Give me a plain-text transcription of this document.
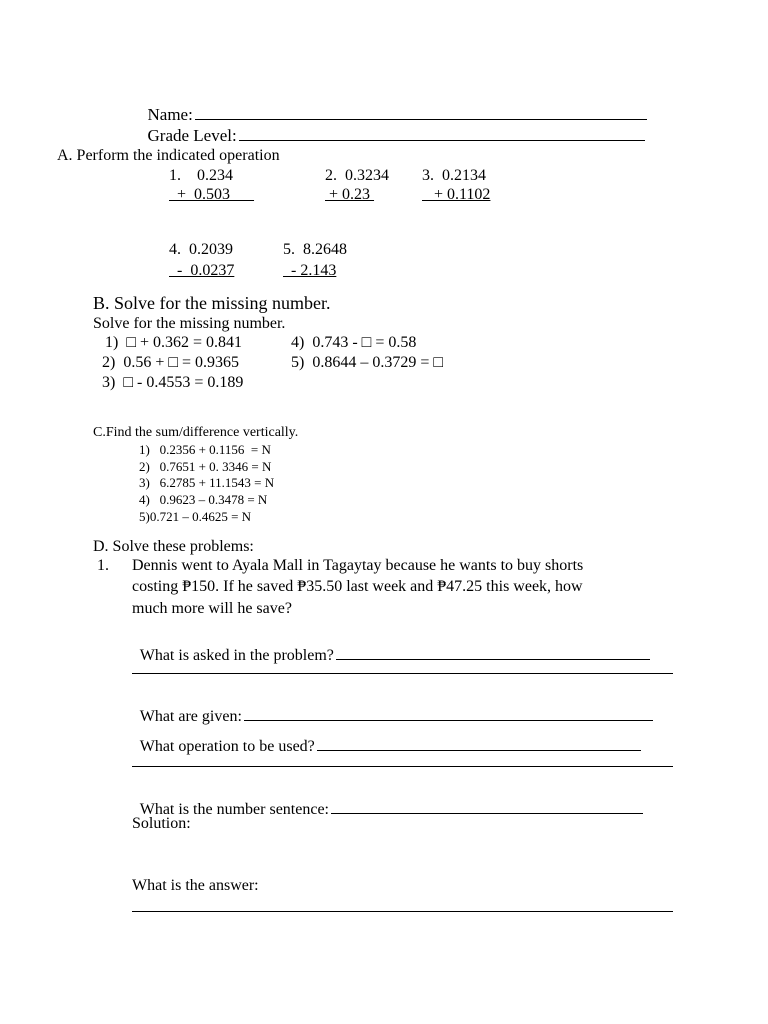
Name:

Grade Level:

A. Perform the indicated operation
1.    0.234
+  0.503
2.  0.3234
+ 0.23
3.  0.2134
+ 0.1102
4.  0.2039
-  0.0237
5.  8.2648
- 2.143
B. Solve for the missing number.
Solve for the missing number.
1)  □ + 0.362 = 0.841	4)  0.743 - □ = 0.58
2)  0.56 + □ = 0.9365	5)  0.8644 – 0.3729 = □
3)  □ - 0.4553 = 0.189
C.Find the sum/difference vertically.
1)   0.2356 + 0.1156  = N
2)   0.7651 + 0. 3346 = N
3)   6.2785 + 11.1543 = N
4)   0.9623 – 0.3478 = N
5)0.721 – 0.4625 = N
D. Solve these problems:
1. Dennis went to Ayala Mall in Tagaytay because he wants to buy shorts
costing ₱150. If he saved ₱35.50 last week and ₱47.25 this week, how
much more will he save?

What is asked in the problem?

What are given:

What operation to be used?

What is the number sentence:

Solution:
What is the answer:
